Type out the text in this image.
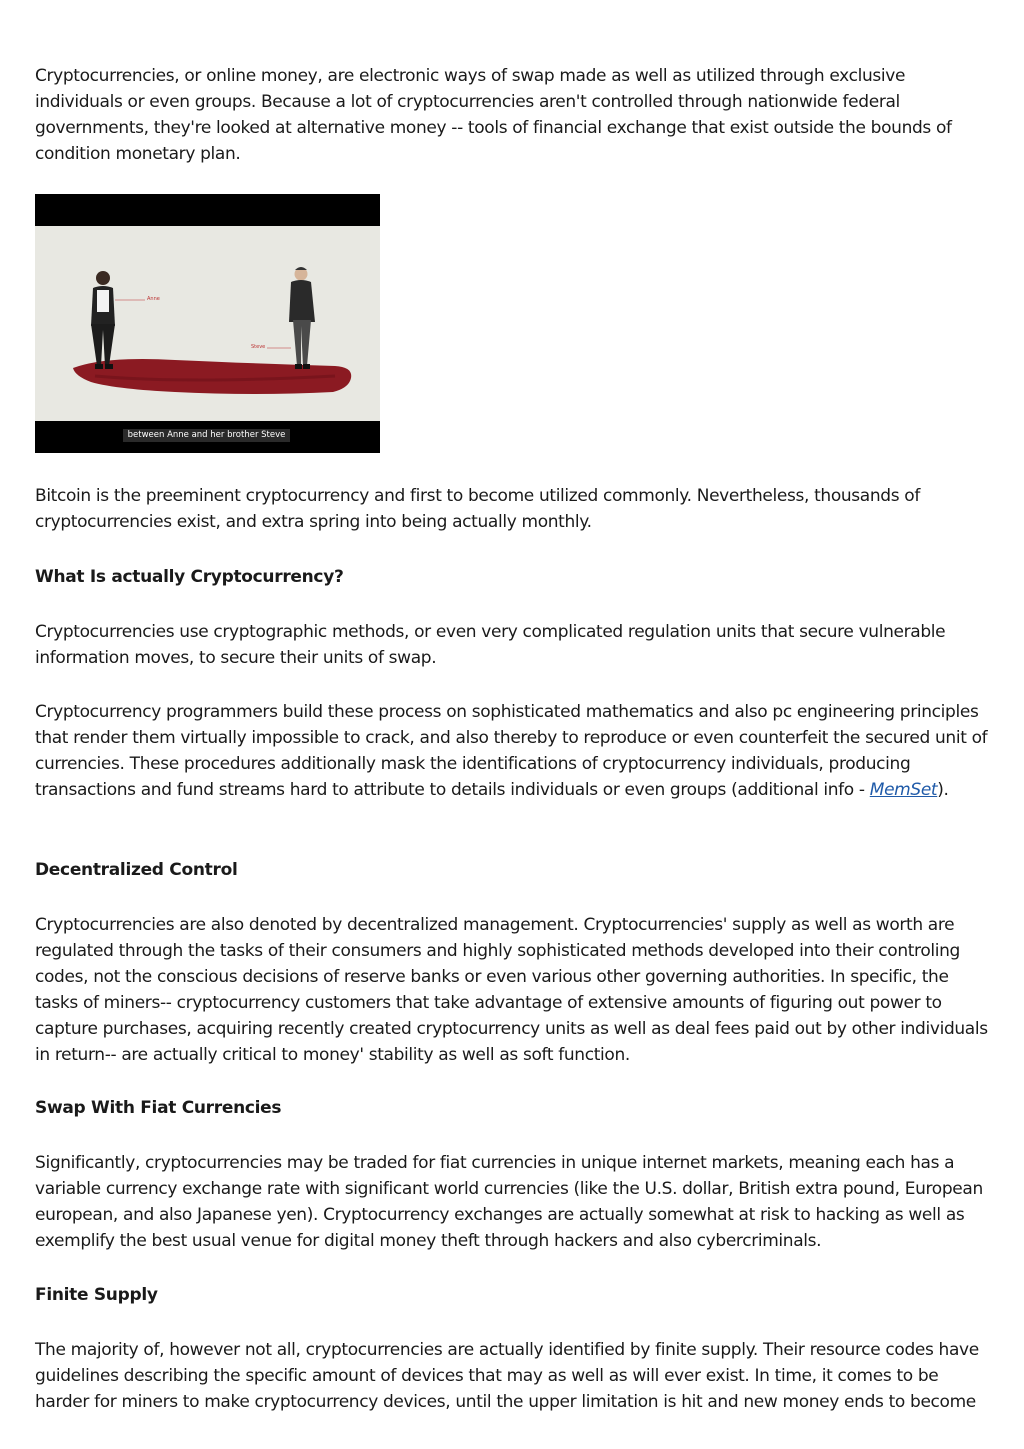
Cryptocurrencies, or online money, are electronic ways of swap made as well as utilized through exclusive individuals or even groups. Because a lot of cryptocurrencies aren't controlled through nationwide federal governments, they're looked at alternative money -- tools of financial exchange that exist outside the bounds of condition monetary plan.

Anne
Steve
between Anne and her brother Steve

Bitcoin is the preeminent cryptocurrency and first to become utilized commonly. Nevertheless, thousands of cryptocurrencies exist, and extra spring into being actually monthly.

What Is actually Cryptocurrency?

Cryptocurrencies use cryptographic methods, or even very complicated regulation units that secure vulnerable information moves, to secure their units of swap.

Cryptocurrency programmers build these process on sophisticated mathematics and also pc engineering principles that render them virtually impossible to crack, and also thereby to reproduce or even counterfeit the secured unit of currencies. These procedures additionally mask the identifications of cryptocurrency individuals, producing transactions and fund streams hard to attribute to details individuals or even groups (additional info - MemSet).

Decentralized Control

Cryptocurrencies are also denoted by decentralized management. Cryptocurrencies' supply as well as worth are regulated through the tasks of their consumers and highly sophisticated methods developed into their controling codes, not the conscious decisions of reserve banks or even various other governing authorities. In specific, the tasks of miners-- cryptocurrency customers that take advantage of extensive amounts of figuring out power to capture purchases, acquiring recently created cryptocurrency units as well as deal fees paid out by other individuals in return-- are actually critical to money' stability as well as soft function.

Swap With Fiat Currencies

Significantly, cryptocurrencies may be traded for fiat currencies in unique internet markets, meaning each has a variable currency exchange rate with significant world currencies (like the U.S. dollar, British extra pound, European european, and also Japanese yen). Cryptocurrency exchanges are actually somewhat at risk to hacking as well as exemplify the best usual venue for digital money theft through hackers and also cybercriminals.

Finite Supply

The majority of, however not all, cryptocurrencies are actually identified by finite supply. Their resource codes have guidelines describing the specific amount of devices that may as well as will ever exist. In time, it comes to be harder for miners to make cryptocurrency devices, until the upper limitation is hit and new money ends to become
